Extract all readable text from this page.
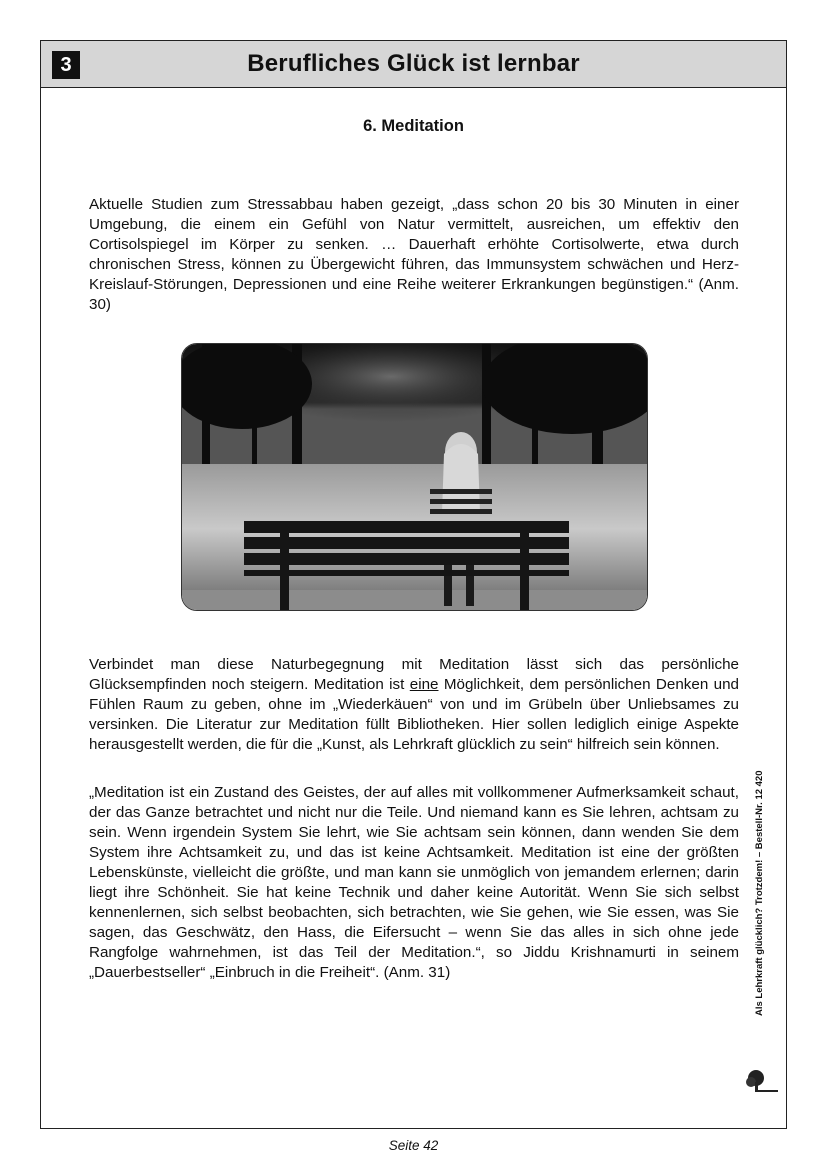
3	Berufliches Glück ist lernbar
6. Meditation

Aktuelle Studien zum Stressabbau haben gezeigt, „dass schon 20 bis 30 Minuten in einer Umgebung, die einem ein Gefühl von Natur vermittelt, ausreichen, um effektiv den Cortisolspiegel im Körper zu senken. … Dauerhaft erhöhte Cortisolwerte, etwa durch chronischen Stress, können zu Übergewicht führen, das Immunsystem schwächen und Herz-Kreislauf-Störungen, Depressionen und eine Reihe weiterer Erkrankungen begünstigen.“ (Anm. 30)

Verbindet man diese Naturbegegnung mit Meditation lässt sich das persönliche Glücksempfinden noch steigern. Meditation ist eine Möglichkeit, dem persönlichen Denken und Fühlen Raum zu geben, ohne im „Wiederkäuen“ von und im Grübeln über Unliebsames zu versinken. Die Literatur zur Meditation füllt Bibliotheken. Hier sollen lediglich einige Aspekte herausgestellt werden, die für die „Kunst, als Lehrkraft glücklich zu sein“ hilfreich sein können.

„Meditation ist ein Zustand des Geistes, der auf alles mit vollkommener Aufmerksamkeit schaut, der das Ganze betrachtet und nicht nur die Teile. Und niemand kann es Sie lehren, achtsam zu sein. Wenn irgendein System Sie lehrt, wie Sie achtsam sein können, dann wenden Sie dem System ihre Achtsamkeit zu, und das ist keine Achtsamkeit. Meditation ist eine der größten Lebenskünste, vielleicht die größte, und man kann sie unmöglich von jemandem erlernen; darin liegt ihre Schönheit. Sie hat keine Technik und daher keine Autorität. Wenn Sie sich selbst kennenlernen, sich selbst beobachten, sich betrachten, wie Sie gehen, wie Sie essen, was Sie sagen, das Geschwätz, den Hass, die Eifersucht – wenn Sie das alles in sich ohne jede Rangfolge wahrnehmen, ist das Teil der Meditation.“, so Jiddu Krishnamurti in seinem „Dauerbestseller“ „Einbruch in die Freiheit“. (Anm. 31)	Als Lehrkraft glücklich? Trotzdem! – Bestell-Nr. 12 420
Seite 42
